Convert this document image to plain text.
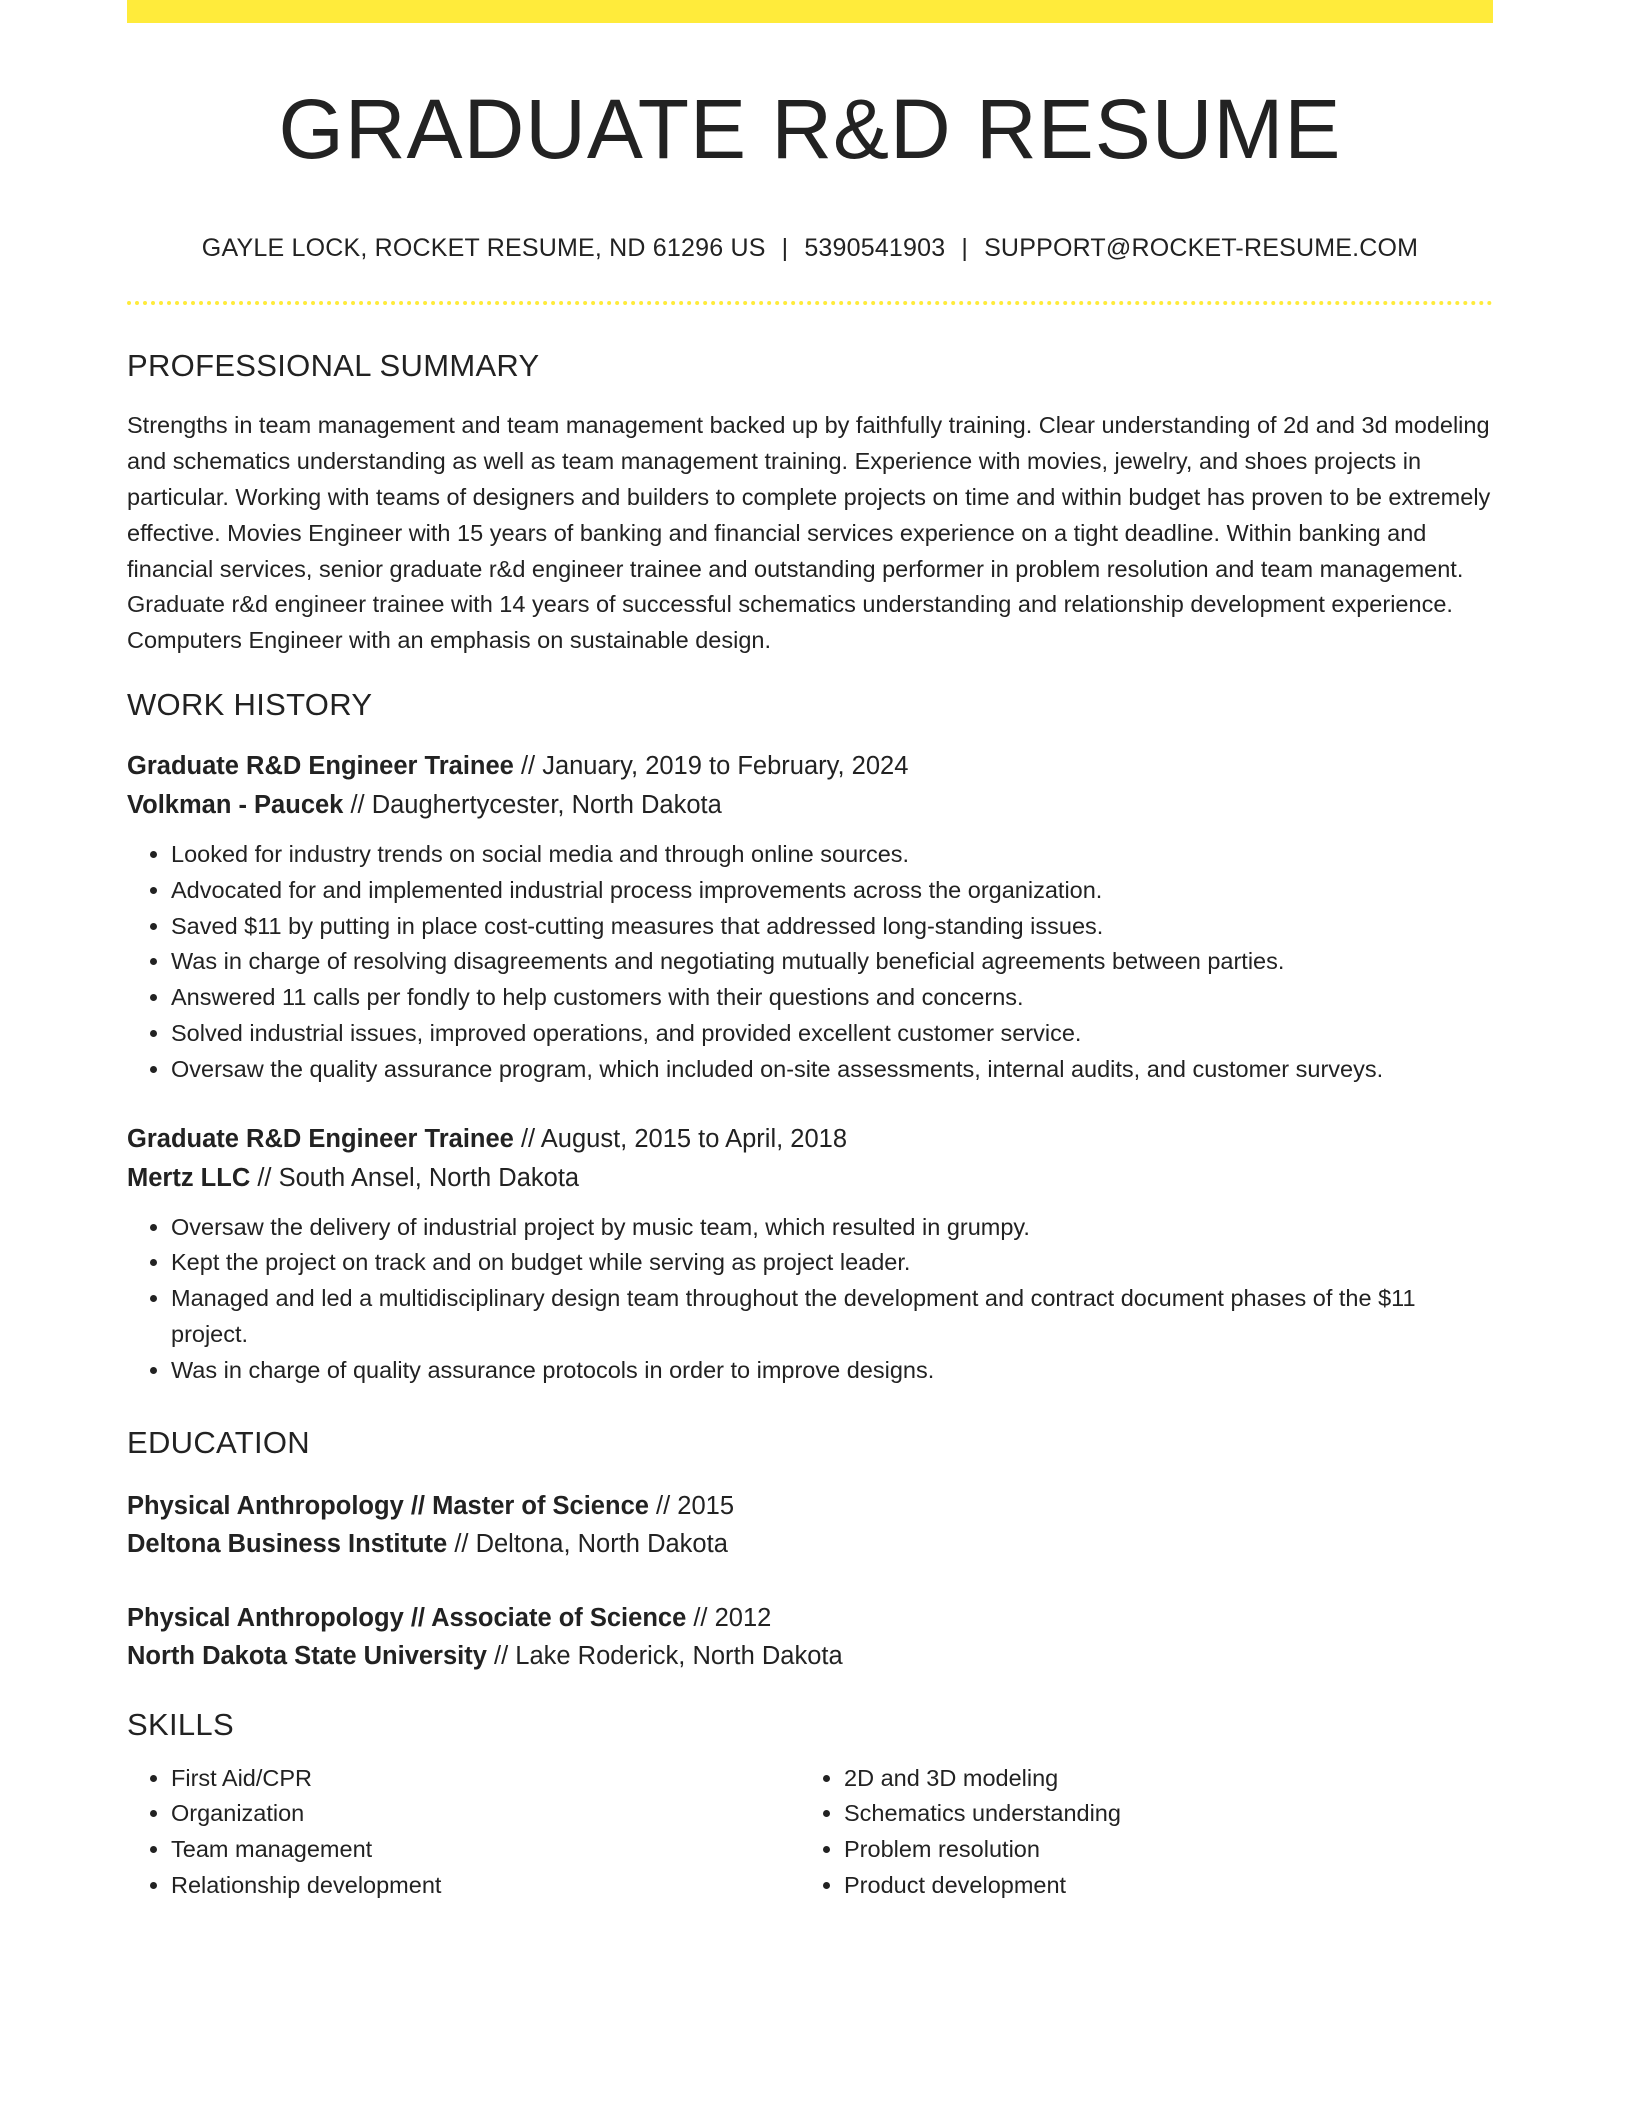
GRADUATE R&D RESUME
GAYLE LOCK, ROCKET RESUME, ND 61296 US | 5390541903 | SUPPORT@ROCKET-RESUME.COM
PROFESSIONAL SUMMARY
Strengths in team management and team management backed up by faithfully training. Clear understanding of 2d and 3d modeling and schematics understanding as well as team management training. Experience with movies, jewelry, and shoes projects in particular. Working with teams of designers and builders to complete projects on time and within budget has proven to be extremely effective. Movies Engineer with 15 years of banking and financial services experience on a tight deadline. Within banking and financial services, senior graduate r&d engineer trainee and outstanding performer in problem resolution and team management. Graduate r&d engineer trainee with 14 years of successful schematics understanding and relationship development experience. Computers Engineer with an emphasis on sustainable design.
WORK HISTORY
Graduate R&D Engineer Trainee // January, 2019 to February, 2024
Volkman - Paucek // Daughertycester, North Dakota
• Looked for industry trends on social media and through online sources.
• Advocated for and implemented industrial process improvements across the organization.
• Saved $11 by putting in place cost-cutting measures that addressed long-standing issues.
• Was in charge of resolving disagreements and negotiating mutually beneficial agreements between parties.
• Answered 11 calls per fondly to help customers with their questions and concerns.
• Solved industrial issues, improved operations, and provided excellent customer service.
• Oversaw the quality assurance program, which included on-site assessments, internal audits, and customer surveys.
Graduate R&D Engineer Trainee // August, 2015 to April, 2018
Mertz LLC // South Ansel, North Dakota
• Oversaw the delivery of industrial project by music team, which resulted in grumpy.
• Kept the project on track and on budget while serving as project leader.
• Managed and led a multidisciplinary design team throughout the development and contract document phases of the $11 project.
• Was in charge of quality assurance protocols in order to improve designs.
EDUCATION
Physical Anthropology // Master of Science // 2015
Deltona Business Institute // Deltona, North Dakota
Physical Anthropology // Associate of Science // 2012
North Dakota State University // Lake Roderick, North Dakota
SKILLS
• First Aid/CPR
• Organization
• Team management
• Relationship development
• 2D and 3D modeling
• Schematics understanding
• Problem resolution
• Product development
